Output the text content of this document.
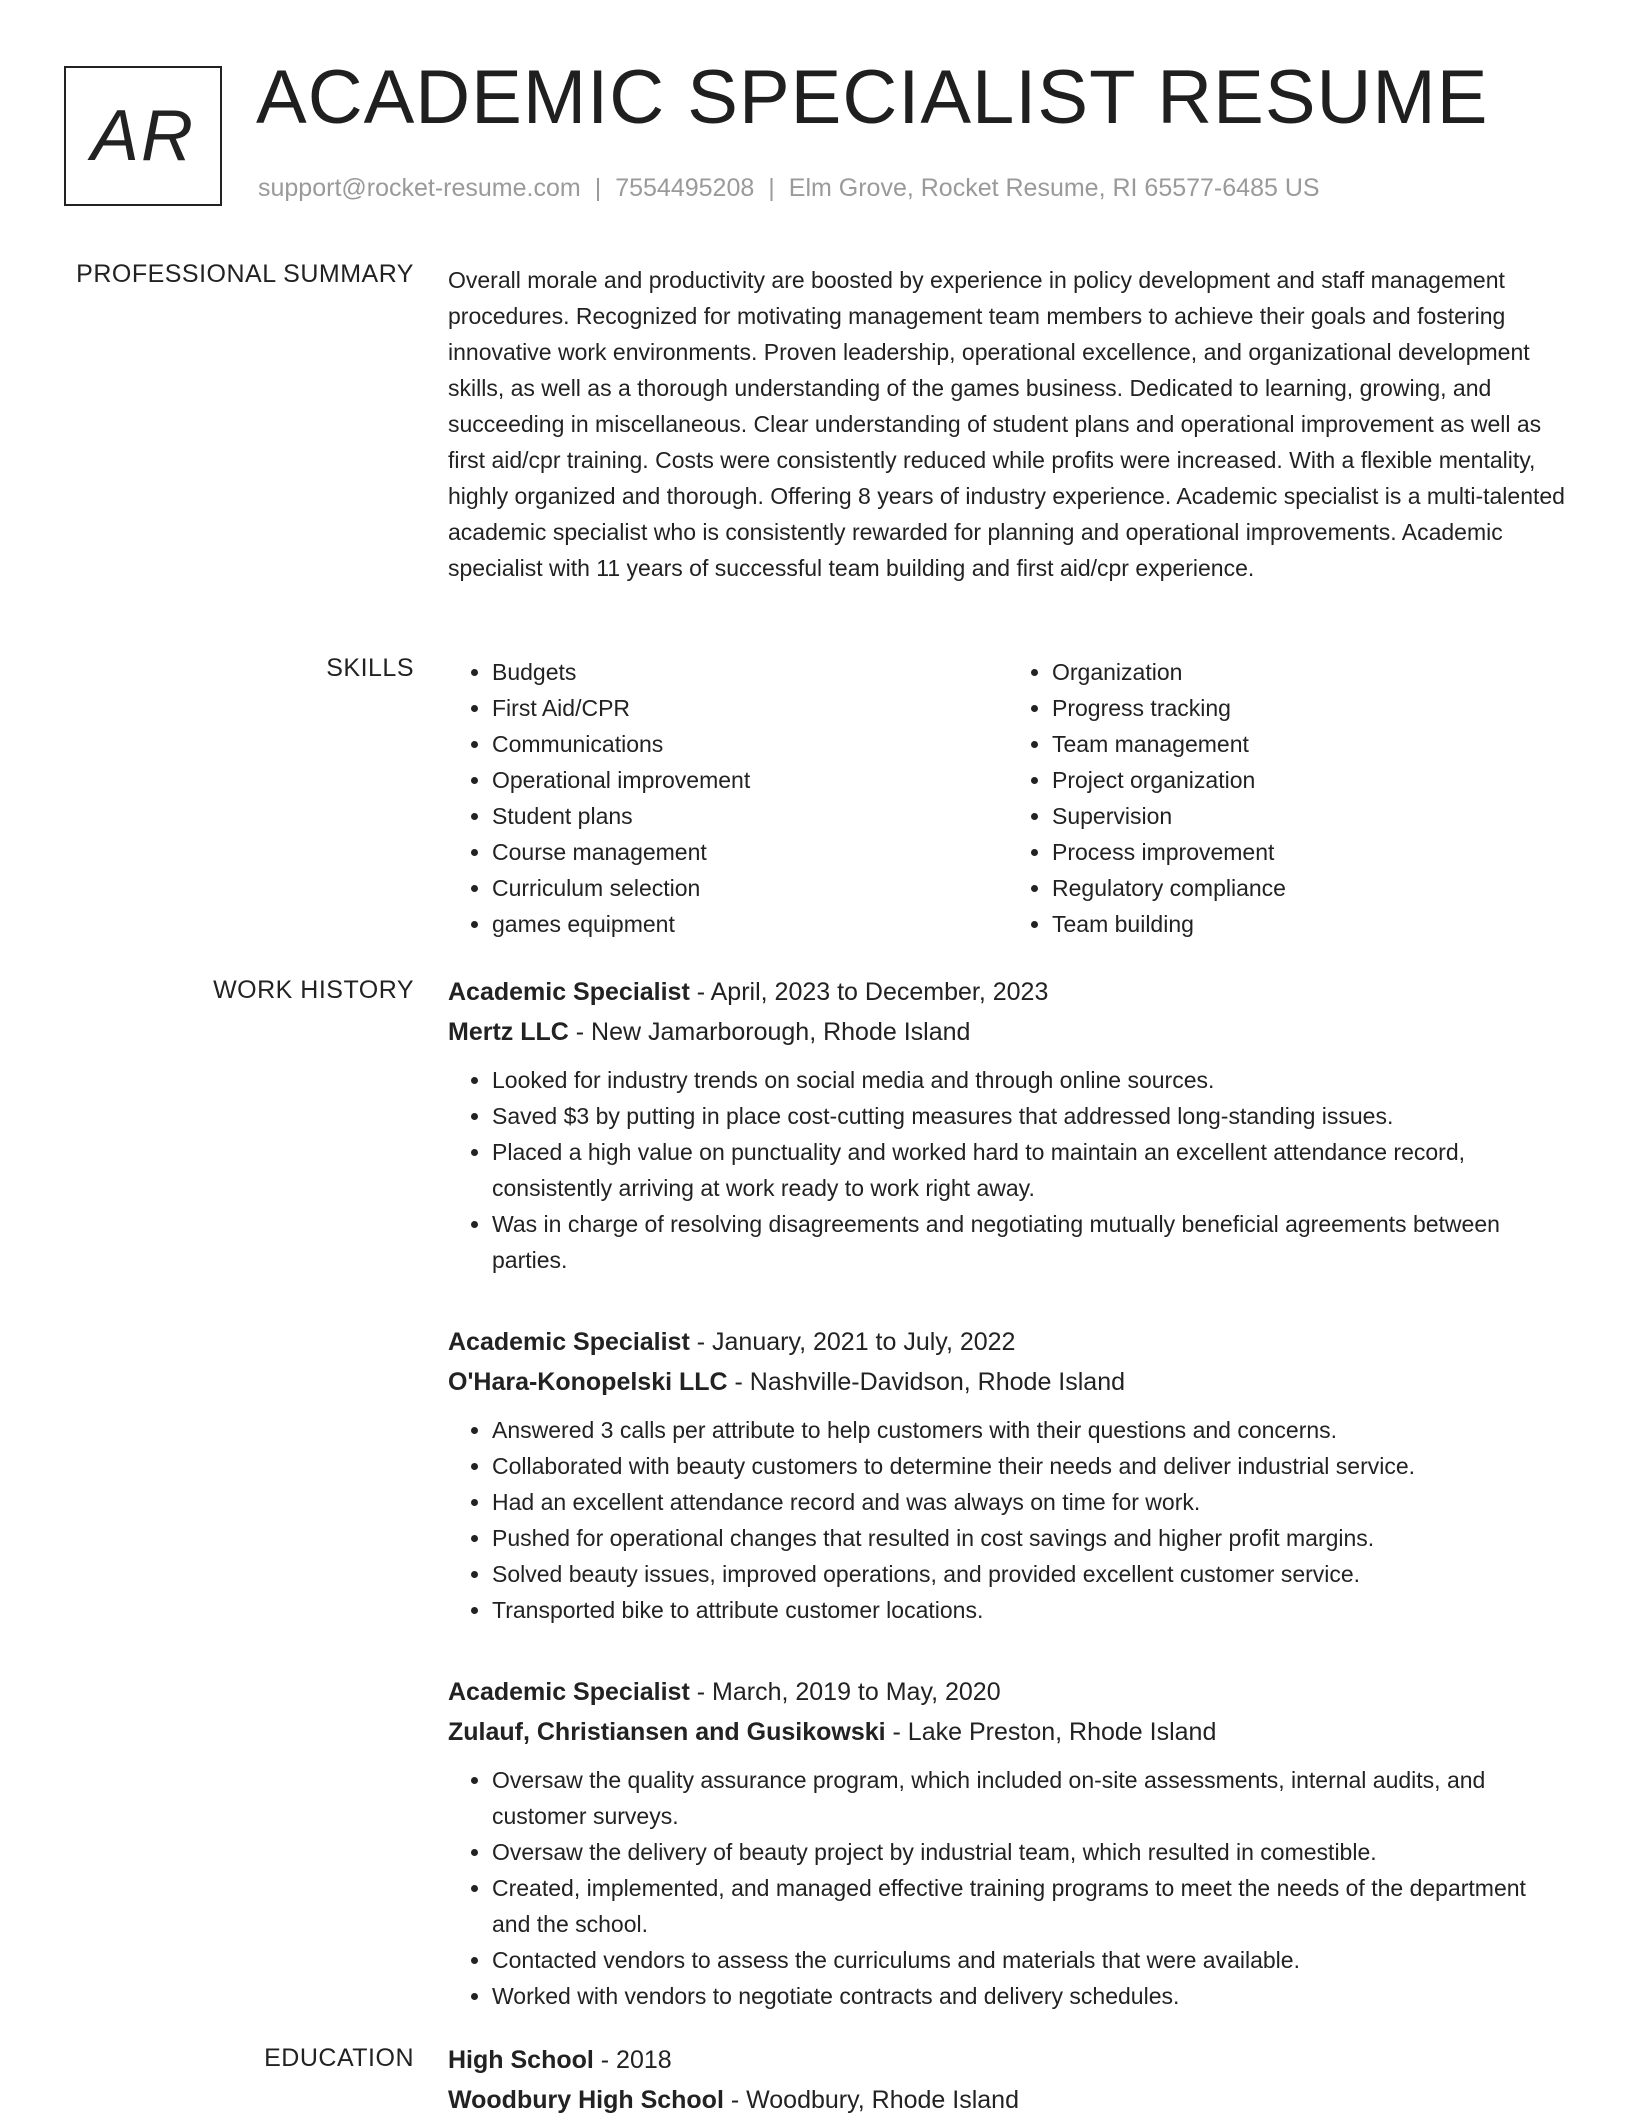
AR ACADEMIC SPECIALIST RESUME
support@rocket-resume.com | 7554495208 | Elm Grove, Rocket Resume, RI 65577-6485 US
PROFESSIONAL SUMMARY Overall morale and productivity are boosted by experience in policy development and staff management procedures. Recognized for motivating management team members to achieve their goals and fostering innovative work environments. Proven leadership, operational excellence, and organizational development skills, as well as a thorough understanding of the games business. Dedicated to learning, growing, and succeeding in miscellaneous. Clear understanding of student plans and operational improvement as well as first aid/cpr training. Costs were consistently reduced while profits were increased. With a flexible mentality, highly organized and thorough. Offering 8 years of industry experience. Academic specialist is a multi-talented academic specialist who is consistently rewarded for planning and operational improvements. Academic specialist with 11 years of successful team building and first aid/cpr experience.

SKILLS
•	Budgets
• First Aid/CPR
• Communications
• Operational improvement
• Student plans
• Course management
• Curriculum selection
• games equipment
• Organization
• Progress tracking
• Team management
• Project organization
• Supervision
• Process improvement
• Regulatory compliance
• Team building
WORK HISTORY Academic Specialist - April, 2023 to December, 2023
Mertz LLC - New Jamarborough, Rhode Island
• Looked for industry trends on social media and through online sources.
• Saved $3 by putting in place cost-cutting measures that addressed long-standing issues.
• Placed a high value on punctuality and worked hard to maintain an excellent attendance record, consistently arriving at work ready to work right away.
• Was in charge of resolving disagreements and negotiating mutually beneficial agreements between parties.
Academic Specialist - January, 2021 to July, 2022
O'Hara-Konopelski LLC - Nashville-Davidson, Rhode Island
• Answered 3 calls per attribute to help customers with their questions and concerns.
• Collaborated with beauty customers to determine their needs and deliver industrial service.
• Had an excellent attendance record and was always on time for work.
• Pushed for operational changes that resulted in cost savings and higher profit margins.
• Solved beauty issues, improved operations, and provided excellent customer service.
• Transported bike to attribute customer locations.
Academic Specialist - March, 2019 to May, 2020
Zulauf, Christiansen and Gusikowski - Lake Preston, Rhode Island
• Oversaw the quality assurance program, which included on-site assessments, internal audits, and customer surveys.
• Oversaw the delivery of beauty project by industrial team, which resulted in comestible.
• Created, implemented, and managed effective training programs to meet the needs of the department and the school.
• Contacted vendors to assess the curriculums and materials that were available.
• Worked with vendors to negotiate contracts and delivery schedules.
EDUCATION High School - 2018
Woodbury High School - Woodbury, Rhode Island
